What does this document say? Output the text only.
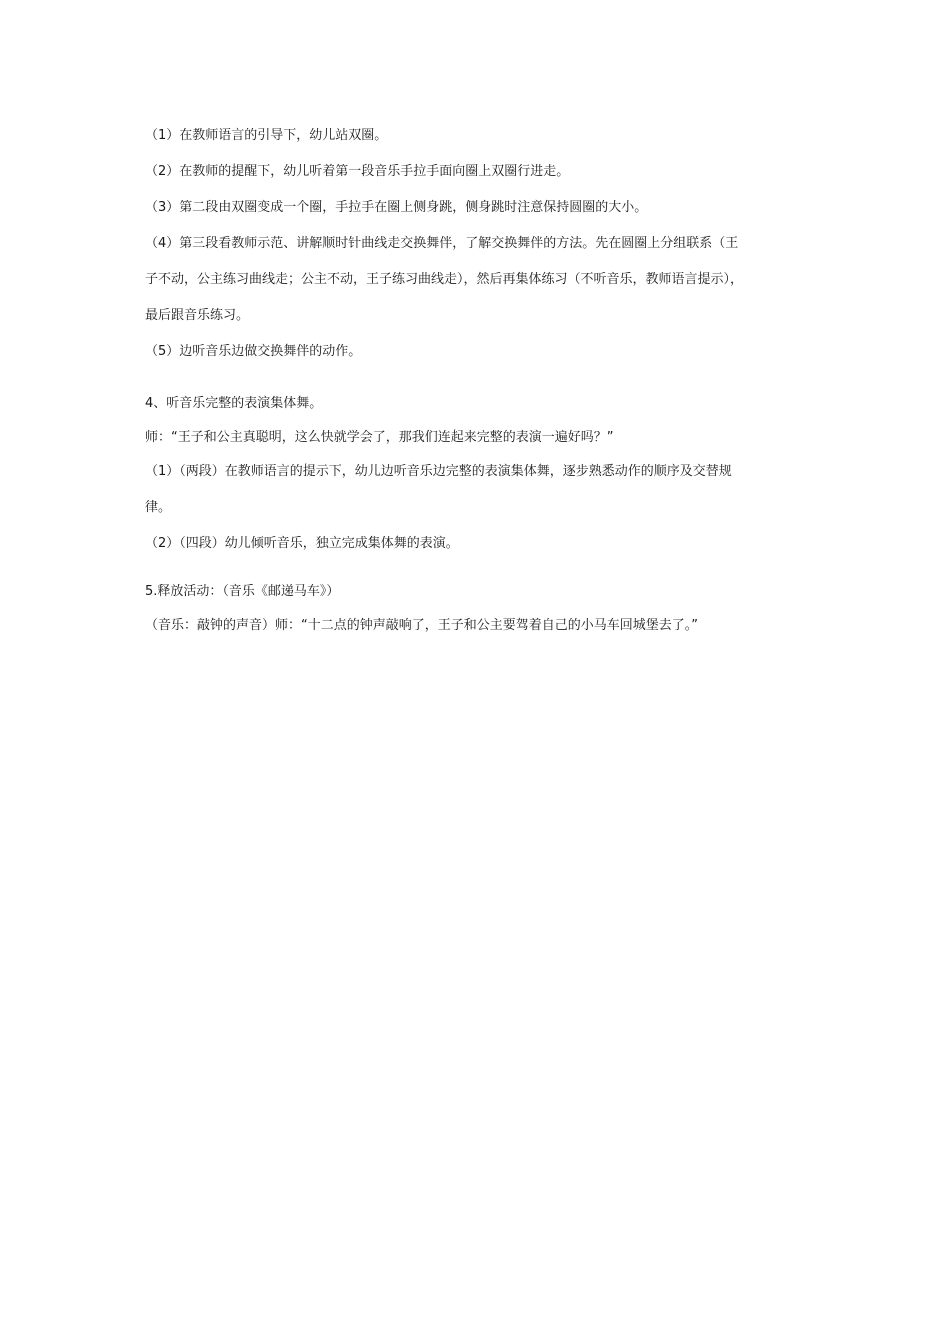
（1）在教师语言的引导下，幼儿站双圈。

（2）在教师的提醒下，幼儿听着第一段音乐手拉手面向圈上双圈行进走。

（3）第二段由双圈变成一个圈，手拉手在圈上侧身跳，侧身跳时注意保持圆圈的大小。

（4）第三段看教师示范、讲解顺时针曲线走交换舞伴，了解交换舞伴的方法。先在圆圈上分组联系（王

子不动，公主练习曲线走；公主不动，王子练习曲线走），然后再集体练习（不听音乐，教师语言提示），

最后跟音乐练习。

（5）边听音乐边做交换舞伴的动作。

4、听音乐完整的表演集体舞。

师：“王子和公主真聪明，这么快就学会了，那我们连起来完整的表演一遍好吗？”

（1）（两段）在教师语言的提示下，幼儿边听音乐边完整的表演集体舞，逐步熟悉动作的顺序及交替规

律。

（2）（四段）幼儿倾听音乐，独立完成集体舞的表演。

5.释放活动：（音乐《邮递马车》）

（音乐：敲钟的声音）师：“十二点的钟声敲响了，王子和公主要驾着自己的小马车回城堡去了。”
